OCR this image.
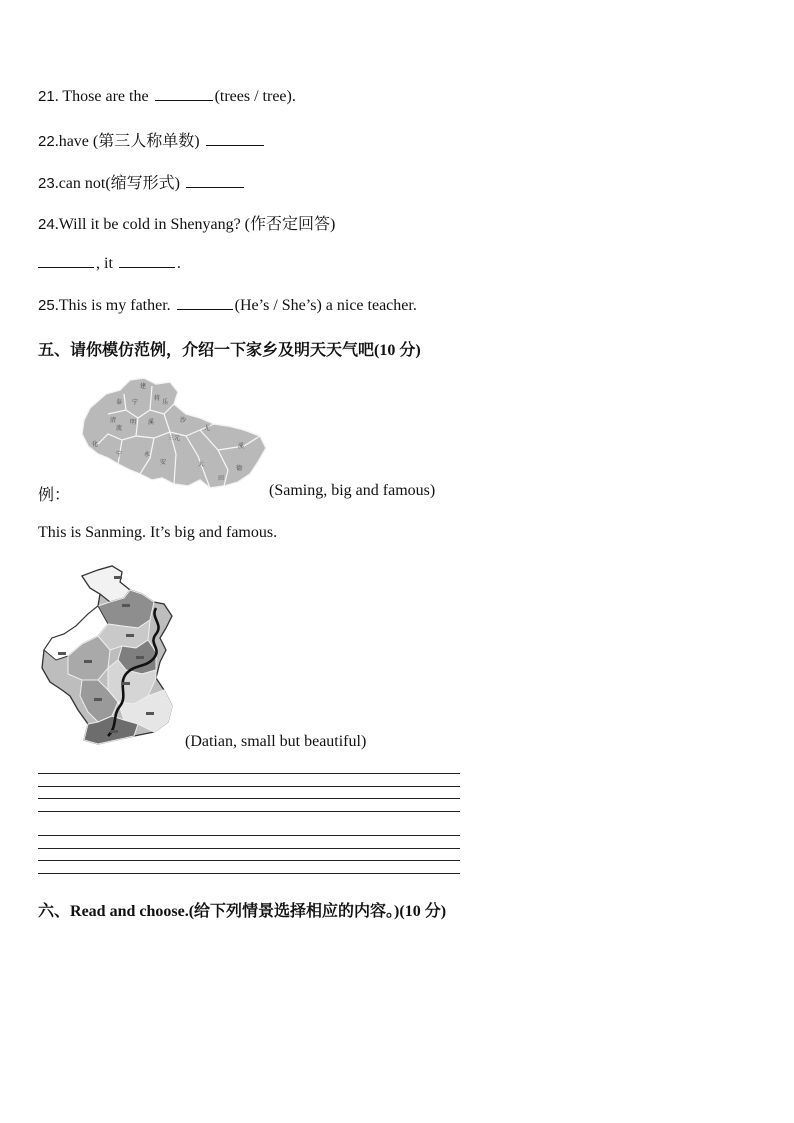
21. Those are the	(trees / tree).
22.have (第三人称单数)
23.can not(缩写形式)
24.Will it be cold in Shenyang? (作否定回答)
, it	.
25.This is my father.	(He’s / She’s) a nice teacher.
五、请你模仿范例，介绍一下家乡及明天天气吧(10 分)
建
泰 宁
将
乐
明 溪	沙
三元
清
流
化
宁	永
安
尤
溪
田
大
德
例：	(Saming, big and famous)
This is Sanming. It’s big and famous.
(Datian, small but beautiful)
六、Read and choose.(给下列情景选择相应的内容。)(10 分)
